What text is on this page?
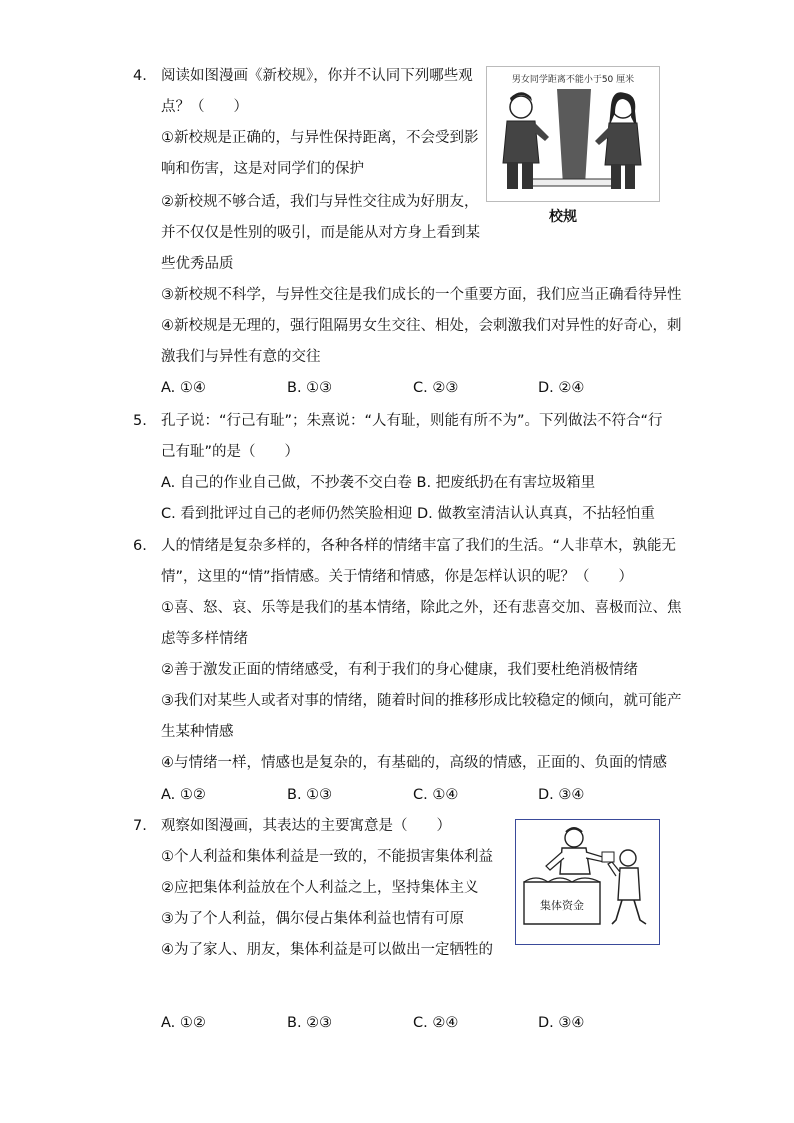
4. 阅读如图漫画《新校规》，你并不认同下列哪些观
点？（　　）
①新校规是正确的，与异性保持距离，不会受到影
响和伤害，这是对同学们的保护
②新校规不够合适，我们与异性交往成为好朋友，
并不仅仅是性别的吸引，而是能从对方身上看到某
些优秀品质
③新校规不科学，与异性交往是我们成长的一个重要方面，我们应当正确看待异性
④新校规是无理的，强行阻隔男女生交往、相处，会刺激我们对异性的好奇心，刺
激我们与异性有意的交往
A. ①④	B. ①③	C. ②③	D. ②④
男女同学距离不能小于50 厘米
校规
5. 孔子说：“行己有耻”；朱熹说：“人有耻，则能有所不为”。下列做法不符合“行
己有耻”的是（　　）
A. 自己的作业自己做，不抄袭不交白卷 B. 把废纸扔在有害垃圾箱里
C. 看到批评过自己的老师仍然笑脸相迎 D. 做教室清洁认认真真，不拈轻怕重
6. 人的情绪是复杂多样的，各种各样的情绪丰富了我们的生活。“人非草木，孰能无
情”，这里的“情”指情感。关于情绪和情感，你是怎样认识的呢？（　　）
①喜、怒、哀、乐等是我们的基本情绪，除此之外，还有悲喜交加、喜极而泣、焦
虑等多样情绪
②善于激发正面的情绪感受，有利于我们的身心健康，我们要杜绝消极情绪
③我们对某些人或者对事的情绪，随着时间的推移形成比较稳定的倾向，就可能产
生某种情感
④与情绪一样，情感也是复杂的，有基础的，高级的情感，正面的、负面的情感
A. ①②	B. ①③	C. ①④	D. ③④
7. 观察如图漫画，其表达的主要寓意是（　　）
①个人利益和集体利益是一致的，不能损害集体利益
②应把集体利益放在个人利益之上，坚持集体主义
③为了个人利益，偶尔侵占集体利益也情有可原
④为了家人、朋友，集体利益是可以做出一定牺牲的
A. ①②	B. ②③	C. ②④	D. ③④
集体资金
